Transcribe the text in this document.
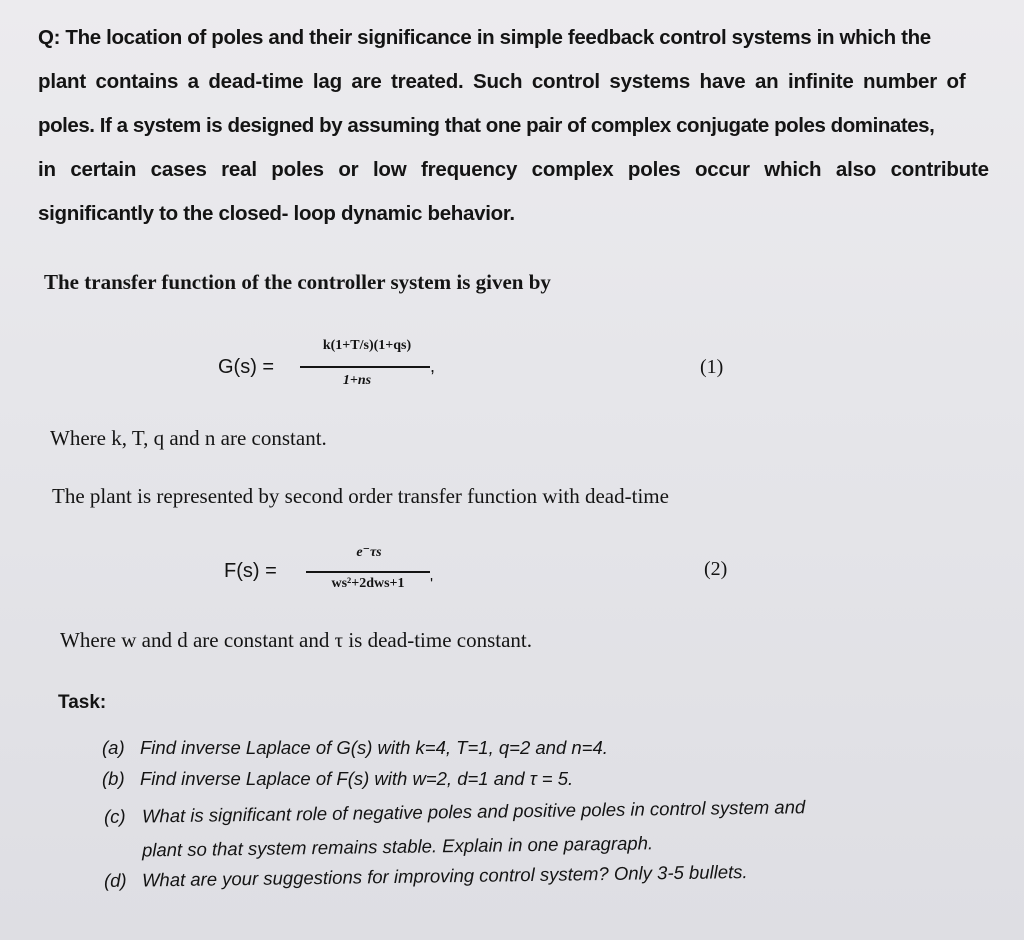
Q: The location of poles and their significance in simple feedback control systems in which the
plant contains a dead-time lag are treated. Such control systems have an infinite number of
poles. If a system is designed by assuming that one pair of complex conjugate poles dominates,
in certain cases real poles or low frequency complex poles occur which also contribute
significantly to the closed- loop dynamic behavior.
The transfer function of the controller system is given by
G(s) =
k(1+T/s)(1+qs)
1+ns
,	(1)
Where k, T, q and n are constant.
The plant is represented by second order transfer function with dead-time
F(s) =
e⁻τs
ws²+2dws+1	'
(2)
Where w and d are constant and τ is dead-time constant.
Task:
(a) Find inverse Laplace of G(s) with k=4, T=1, q=2 and n=4.
(b) Find inverse Laplace of F(s) with w=2, d=1 and τ = 5.
(c) What is significant role of negative poles and positive poles in control system and
plant so that system remains stable. Explain in one paragraph.
(d) What are your suggestions for improving control system? Only 3-5 bullets.
